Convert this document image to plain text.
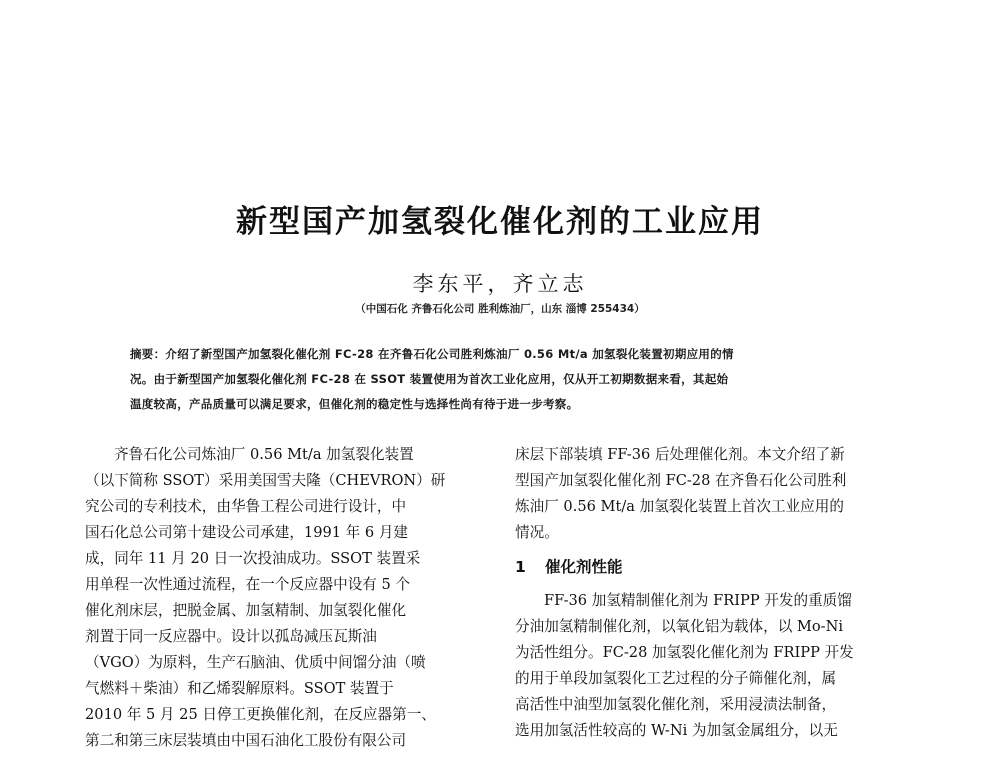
新型国产加氢裂化催化剂的工业应用
李东平，齐立志
（中国石化 齐鲁石化公司 胜利炼油厂，山东 淄博 255434）
摘要：介绍了新型国产加氢裂化催化剂 FC-28 在齐鲁石化公司胜利炼油厂 0.56 Mt/a 加氢裂化装置初期应用的情
况。由于新型国产加氢裂化催化剂 FC-28 在 SSOT 装置使用为首次工业化应用，仅从开工初期数据来看，其起始
温度较高，产品质量可以满足要求，但催化剂的稳定性与选择性尚有待于进一步考察。
齐鲁石化公司炼油厂 0.56 Mt/a 加氢裂化装置
（以下简称 SSOT）采用美国雪夫隆（CHEVRON）研
究公司的专利技术，由华鲁工程公司进行设计，中
国石化总公司第十建设公司承建，1991 年 6 月建
成，同年 11 月 20 日一次投油成功。SSOT 装置采
用单程一次性通过流程，在一个反应器中设有 5 个
催化剂床层，把脱金属、加氢精制、加氢裂化催化
剂置于同一反应器中。设计以孤岛减压瓦斯油
（VGO）为原料，生产石脑油、优质中间馏分油（喷
气燃料＋柴油）和乙烯裂解原料。SSOT 装置于
2010 年 5 月 25 日停工更换催化剂，在反应器第一、
第二和第三床层装填由中国石油化工股份有限公司
床层下部装填 FF-36 后处理催化剂。本文介绍了新
型国产加氢裂化催化剂 FC-28 在齐鲁石化公司胜利
炼油厂 0.56 Mt/a 加氢裂化装置上首次工业应用的
情况。
1 催化剂性能
FF-36 加氢精制催化剂为 FRIPP 开发的重质馏
分油加氢精制催化剂，以氧化铝为载体，以 Mo-Ni
为活性组分。FC-28 加氢裂化催化剂为 FRIPP 开发
的用于单段加氢裂化工艺过程的分子筛催化剂，属
高活性中油型加氢裂化催化剂，采用浸渍法制备，
选用加氢活性较高的 W-Ni 为加氢金属组分，以无
